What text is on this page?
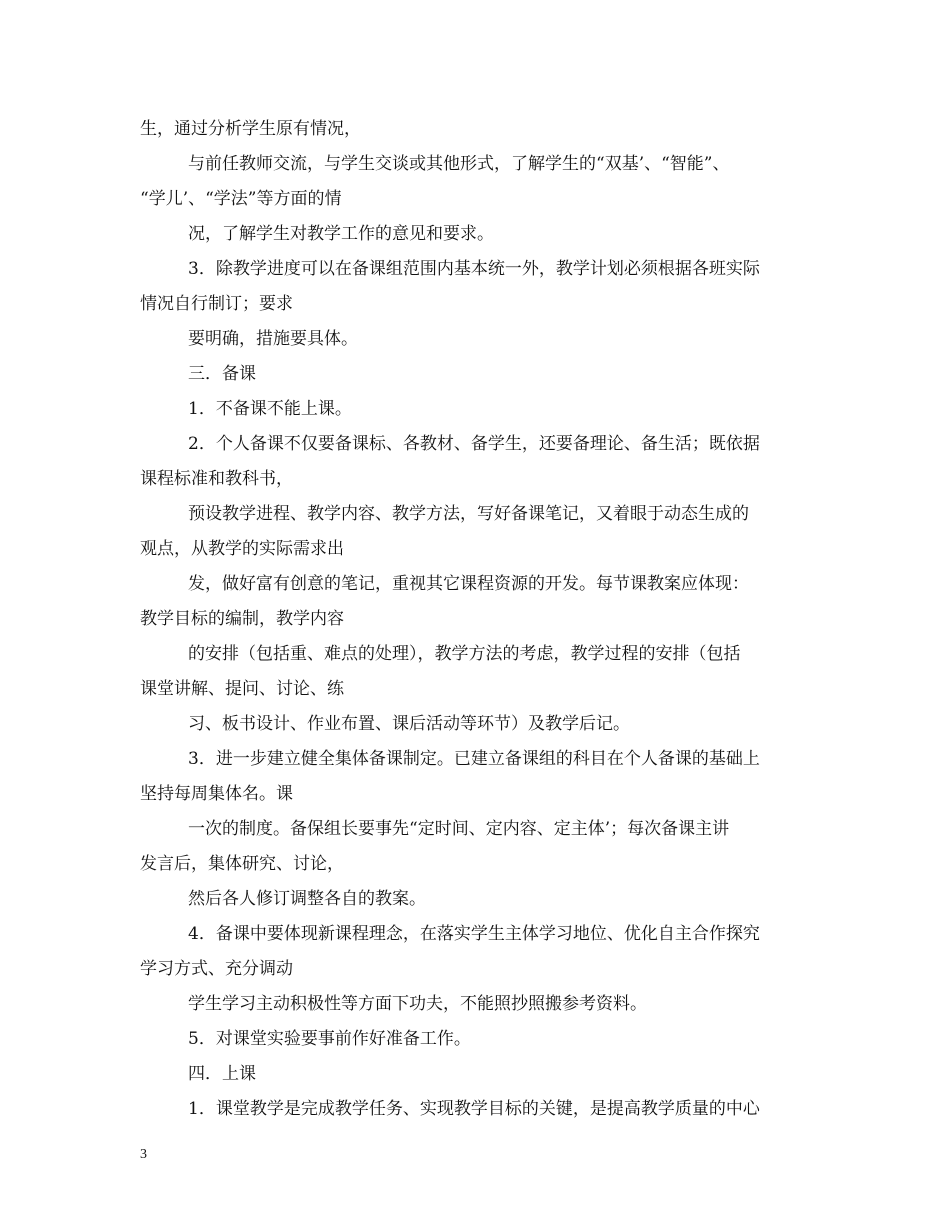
生，通过分析学生原有情况，
与前任教师交流，与学生交谈或其他形式，了解学生的“双基’、“智能”、
“学儿’、“学法”等方面的情
况，了解学生对教学工作的意见和要求。
3．除教学进度可以在备课组范围内基本统一外，教学计划必须根据各班实际
情况自行制订；要求
要明确，措施要具体。
三．备课
1．不备课不能上课。
2．个人备课不仅要备课标、各教材、备学生，还要备理论、备生活；既依据
课程标准和教科书，
预设教学进程、教学内容、教学方法，写好备课笔记，又着眼于动态生成的
观点，从教学的实际需求出
发，做好富有创意的笔记，重视其它课程资源的开发。每节课教案应体现：
教学目标的编制，教学内容
的安排（包括重、难点的处理），教学方法的考虑，教学过程的安排（包括
课堂讲解、提问、讨论、练
习、板书设计、作业布置、课后活动等环节）及教学后记。
3．进一步建立健全集体备课制定。已建立备课组的科目在个人备课的基础上
坚持每周集体名。课
一次的制度。备保组长要事先“定时间、定内容、定主体’；每次备课主讲
发言后，集体研究、讨论，
然后各人修订调整各自的教案。
4．备课中要体现新课程理念，在落实学生主体学习地位、优化自主合作探究
学习方式、充分调动
学生学习主动积极性等方面下功夫，不能照抄照搬参考资料。
5．对课堂实验要事前作好准备工作。
四．上课
1．课堂教学是完成教学任务、实现教学目标的关键，是提高教学质量的中心
3
